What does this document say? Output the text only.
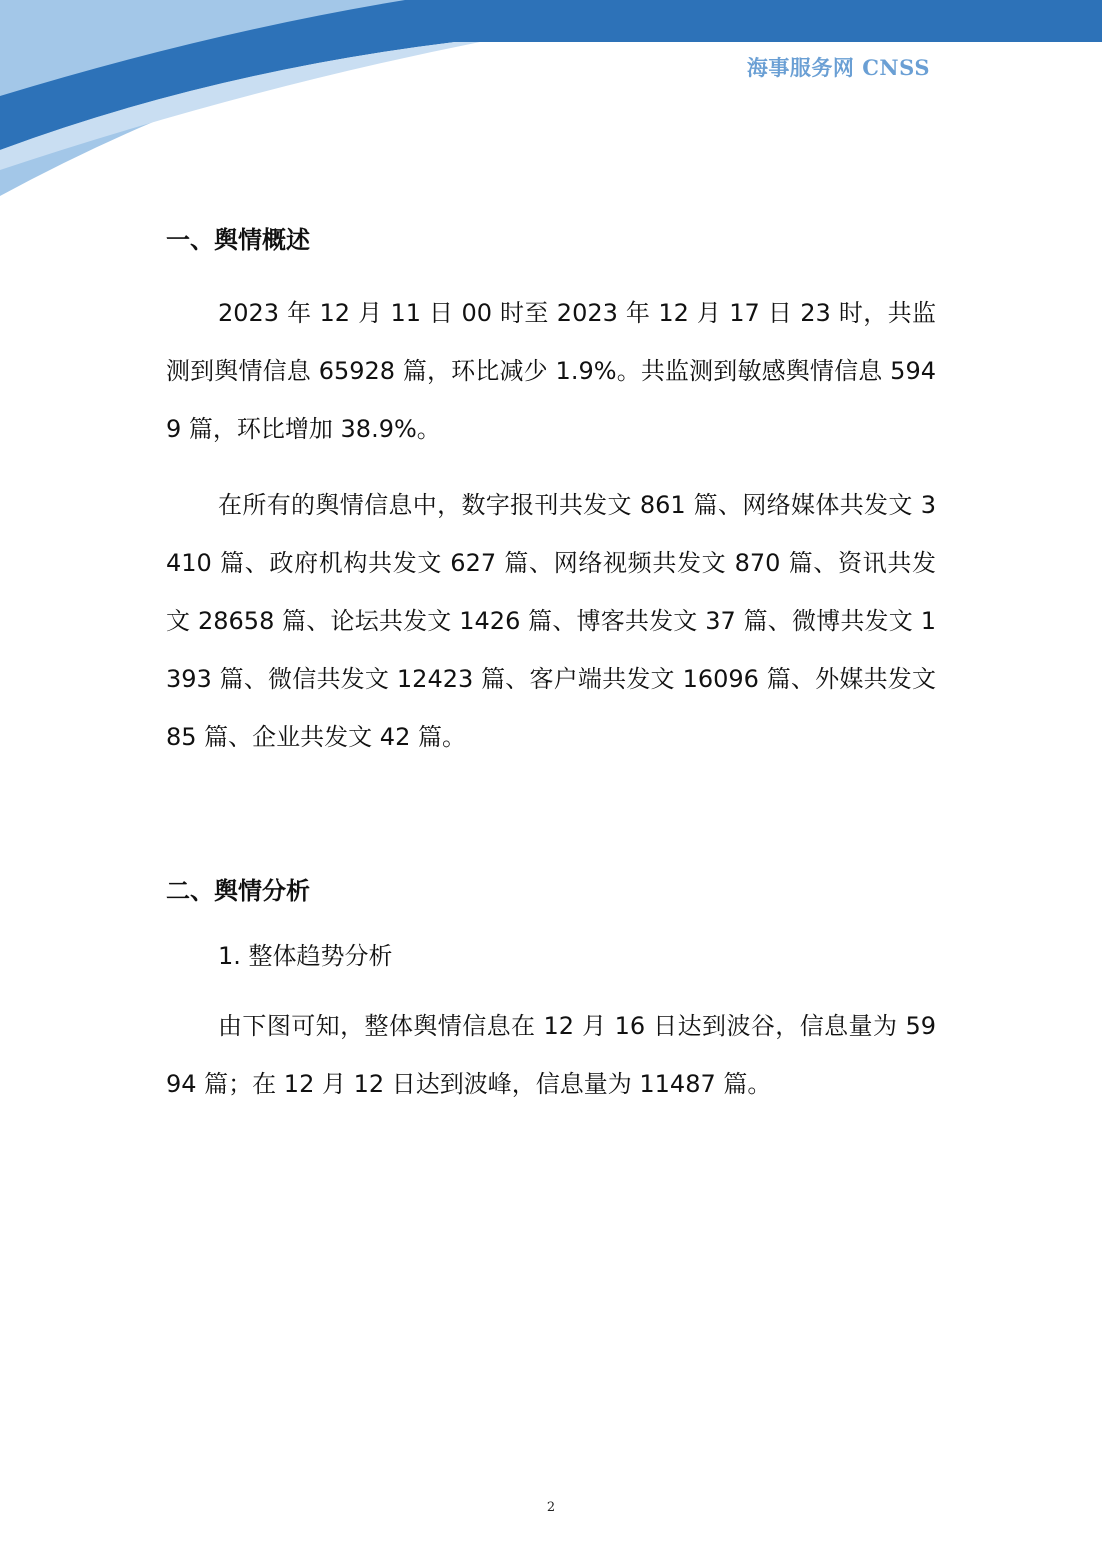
海事服务网 CNSS
一、舆情概述

2023 年 12 月 11 日 00 时至 2023 年 12 月 17 日 23 时，共监测到舆情信息 65928 篇，环比减少 1.9%。共监测到敏感舆情信息 5949 篇，环比增加 38.9%。

在所有的舆情信息中，数字报刊共发文 861 篇、网络媒体共发文 3410 篇、政府机构共发文 627 篇、网络视频共发文 870 篇、资讯共发文 28658 篇、论坛共发文 1426 篇、博客共发文 37 篇、微博共发文 1393 篇、微信共发文 12423 篇、客户端共发文 16096 篇、外媒共发文 85 篇、企业共发文 42 篇。

二、舆情分析

1. 整体趋势分析

由下图可知，整体舆情信息在 12 月 16 日达到波谷，信息量为 5994 篇；在 12 月 12 日达到波峰，信息量为 11487 篇。

2
